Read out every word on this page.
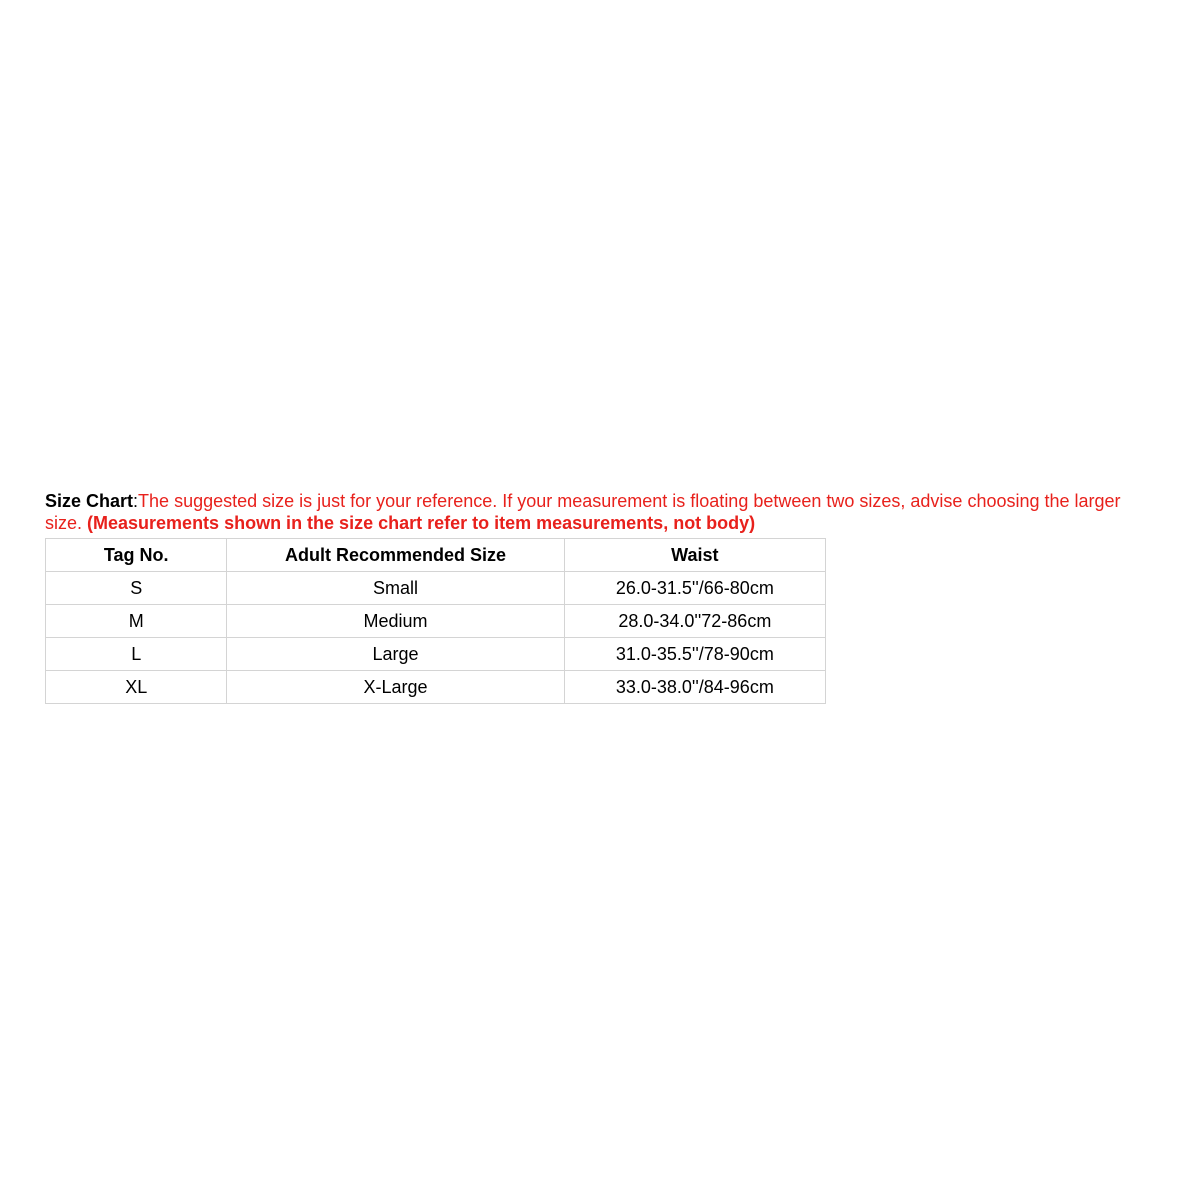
Size Chart:The suggested size is just for your reference. If your measurement is floating between two sizes, advise choosing the larger size. (Measurements shown in the size chart refer to item measurements, not body)

Tag No.	Adult Recommended Size	Waist
S	Small	26.0-31.5''/66-80cm
M	Medium	28.0-34.0''72-86cm
L	Large	31.0-35.5''/78-90cm
XL	X-Large	33.0-38.0''/84-96cm
